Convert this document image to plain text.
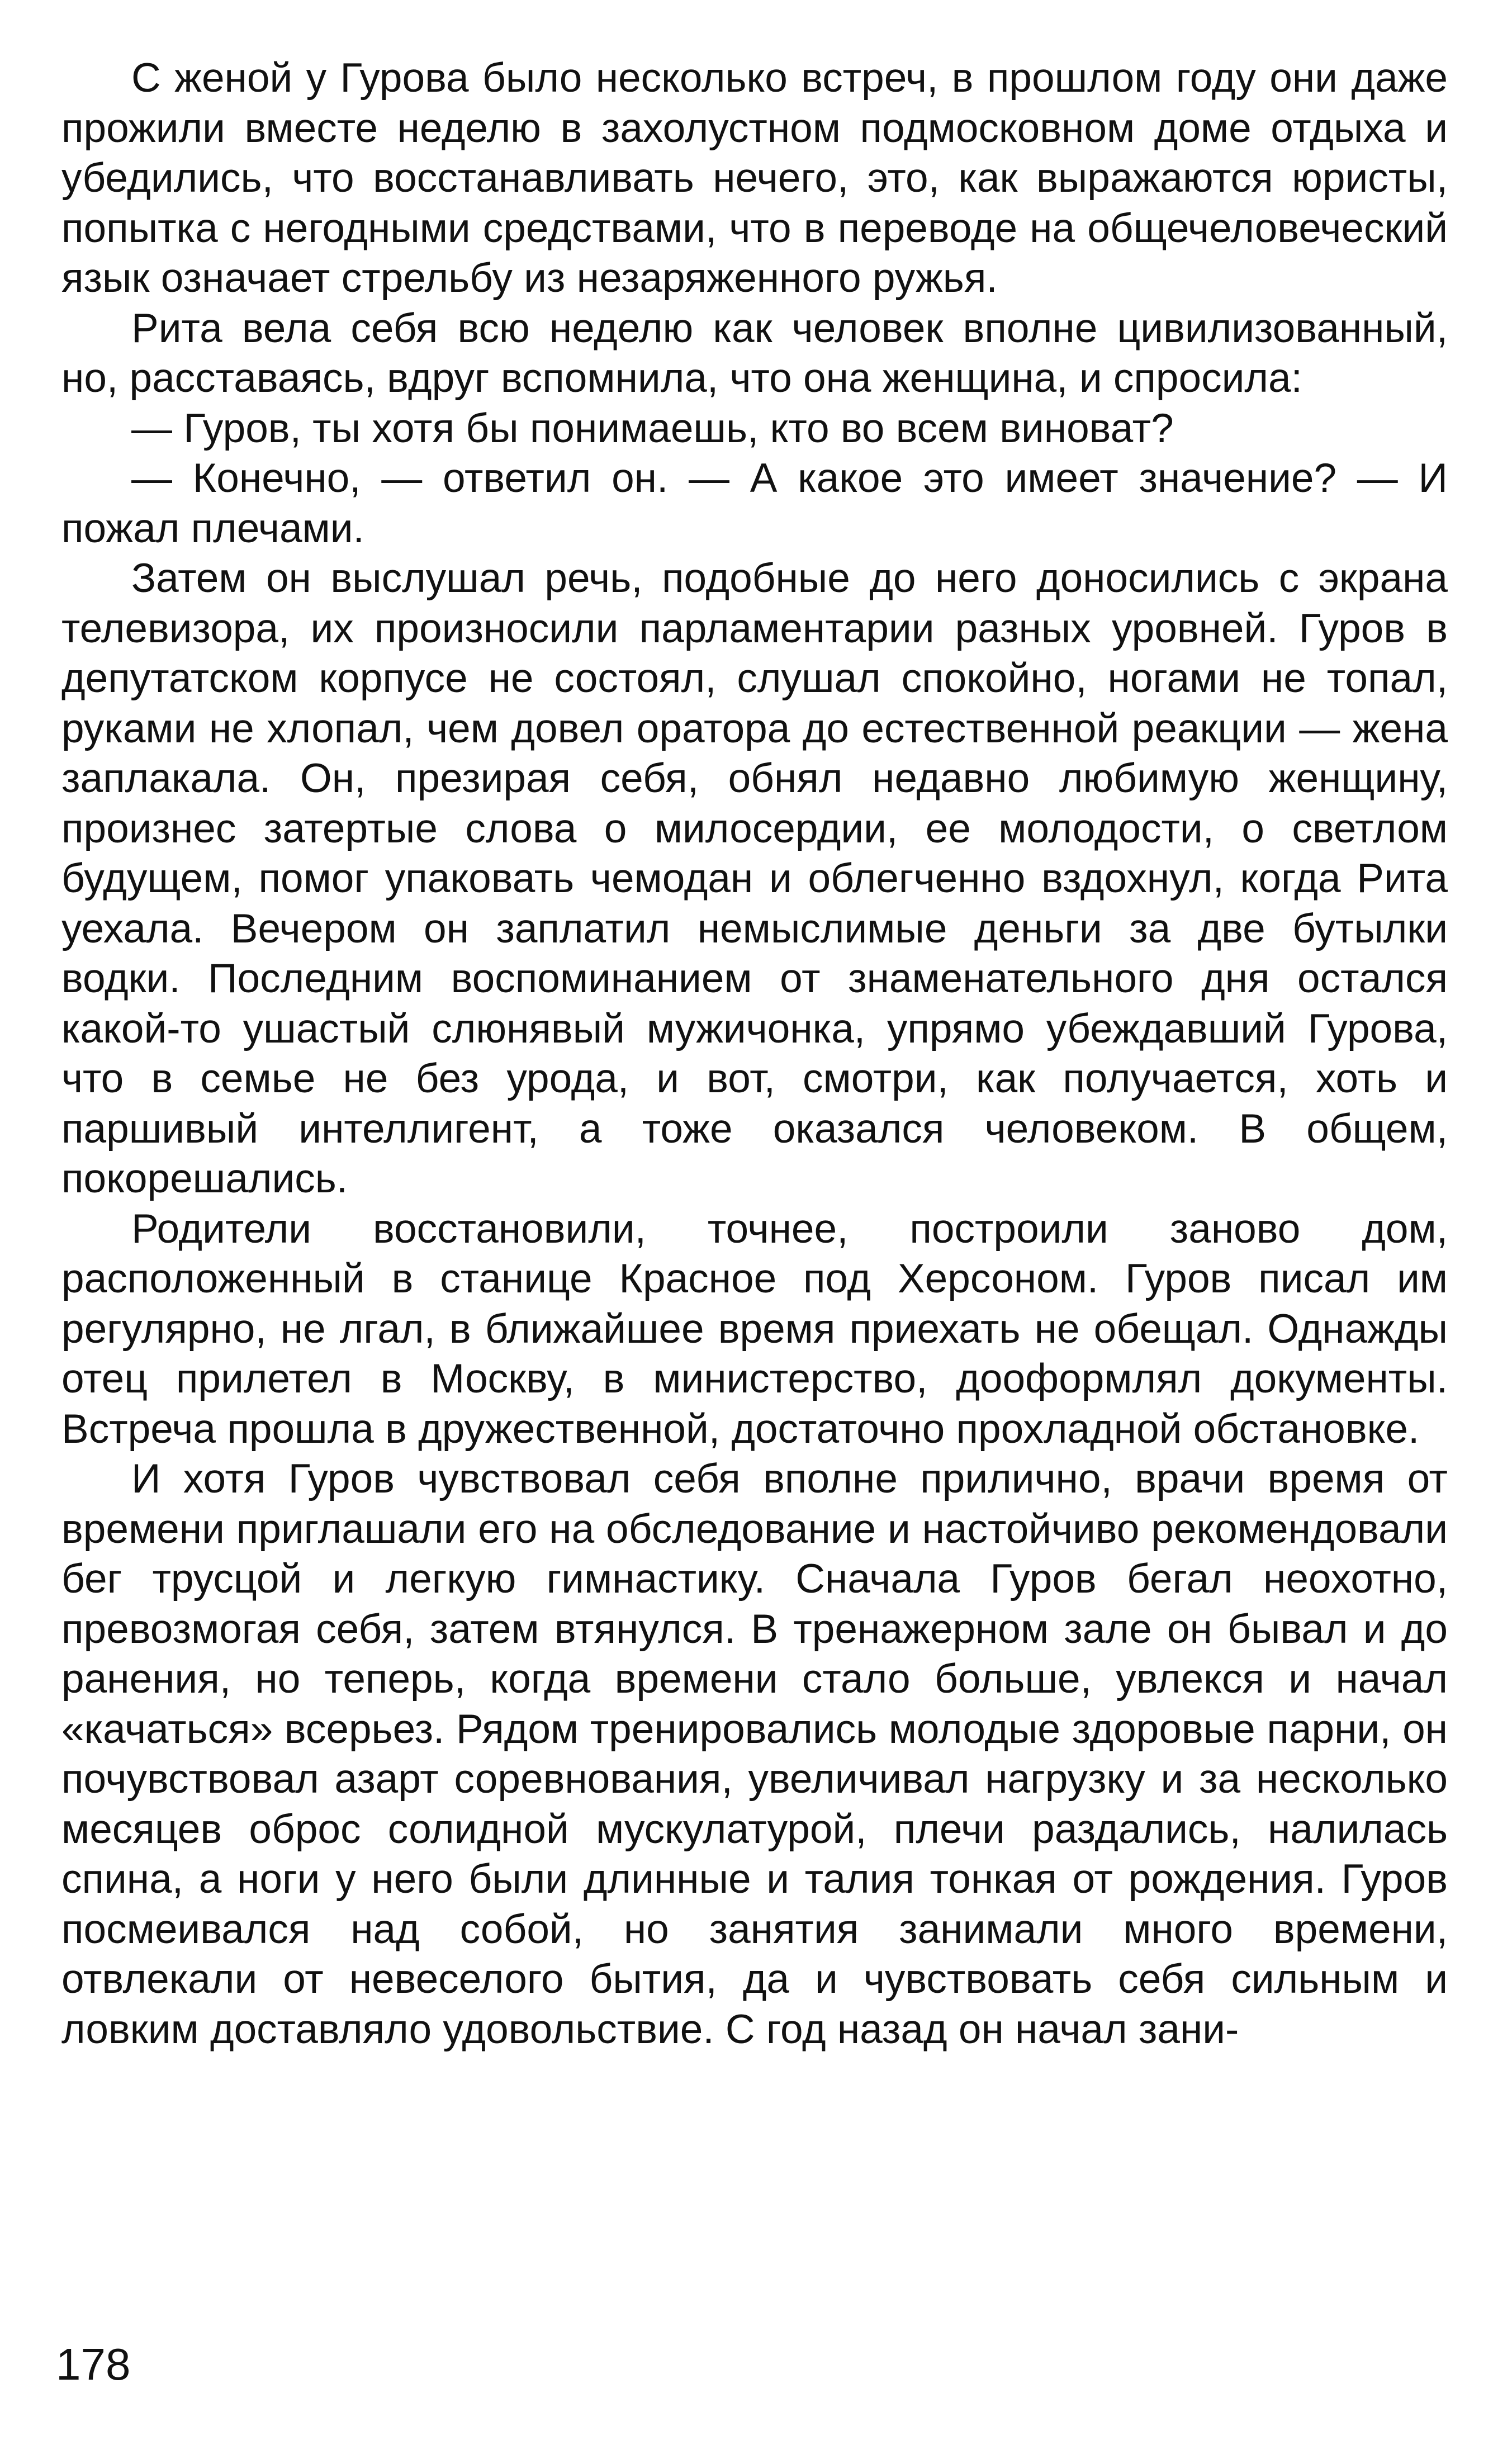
С женой у Гурова было несколько встреч, в прошлом году они даже прожили вместе неделю в захолустном подмосковном доме отдыха и убедились, что восстанавливать нечего, это, как выражаются юристы, попытка с негодными средствами, что в переводе на общечеловеческий язык означает стрельбу из незаряженного ружья.

Рита вела себя всю неделю как человек вполне цивилизованный, но, расставаясь, вдруг вспомнила, что она женщина, и спросила:

— Гуров, ты хотя бы понимаешь, кто во всем виноват?

— Конечно, — ответил он. — А какое это имеет значение? — И пожал плечами.

Затем он выслушал речь, подобные до него доносились с экрана телевизора, их произносили парламентарии разных уровней. Гуров в депутатском корпусе не состоял, слушал спокойно, ногами не топал, руками не хлопал, чем довел оратора до естественной реакции — жена заплакала. Он, презирая себя, обнял недавно любимую женщину, произнес затертые слова о милосердии, ее молодости, о светлом будущем, помог упаковать чемодан и облегченно вздохнул, когда Рита уехала. Вечером он заплатил немыслимые деньги за две бутылки водки. Последним воспоминанием от знаменательного дня остался какой-то ушастый слюнявый мужичонка, упрямо убеждавший Гурова, что в семье не без урода, и вот, смотри, как получается, хоть и паршивый интеллигент, а тоже оказался человеком. В общем, покорешались.

Родители восстановили, точнее, построили заново дом, расположенный в станице Красное под Херсоном. Гуров писал им регулярно, не лгал, в ближайшее время приехать не обещал. Однажды отец прилетел в Москву, в министерство, дооформлял документы. Встреча прошла в дружественной, достаточно прохладной обстановке.

И хотя Гуров чувствовал себя вполне прилично, врачи время от времени приглашали его на обследование и настойчиво рекомендовали бег трусцой и легкую гимнастику. Сначала Гуров бегал неохотно, превозмогая себя, затем втянулся. В тренажерном зале он бывал и до ранения, но теперь, когда времени стало больше, увлекся и начал «качаться» всерьез. Рядом тренировались молодые здоровые парни, он почувствовал азарт соревнования, увеличивал нагрузку и за несколько месяцев оброс солидной мускулатурой, плечи раздались, налилась спина, а ноги у него были длинные и талия тонкая от рождения. Гуров посмеивался над собой, но занятия занимали много времени, отвлекали от невеселого бытия, да и чувствовать себя сильным и ловким доставляло удовольствие. С год назад он начал зани-

178
